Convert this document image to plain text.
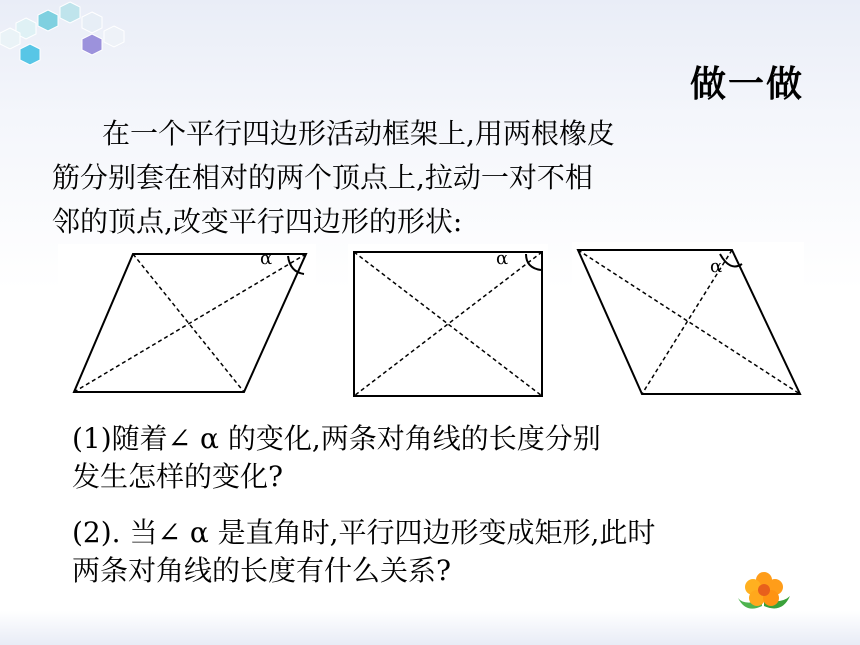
做一做
在一个平行四边形活动框架上,用两根橡皮
筋分别套在相对的两个顶点上,拉动一对不相
邻的顶点,改变平行四边形的形状:
α	α	α
(1)随着∠ α 的变化,两条对角线的长度分别
发生怎样的变化?
(2). 当∠ α 是直角时,平行四边形变成矩形,此时
两条对角线的长度有什么关系?
